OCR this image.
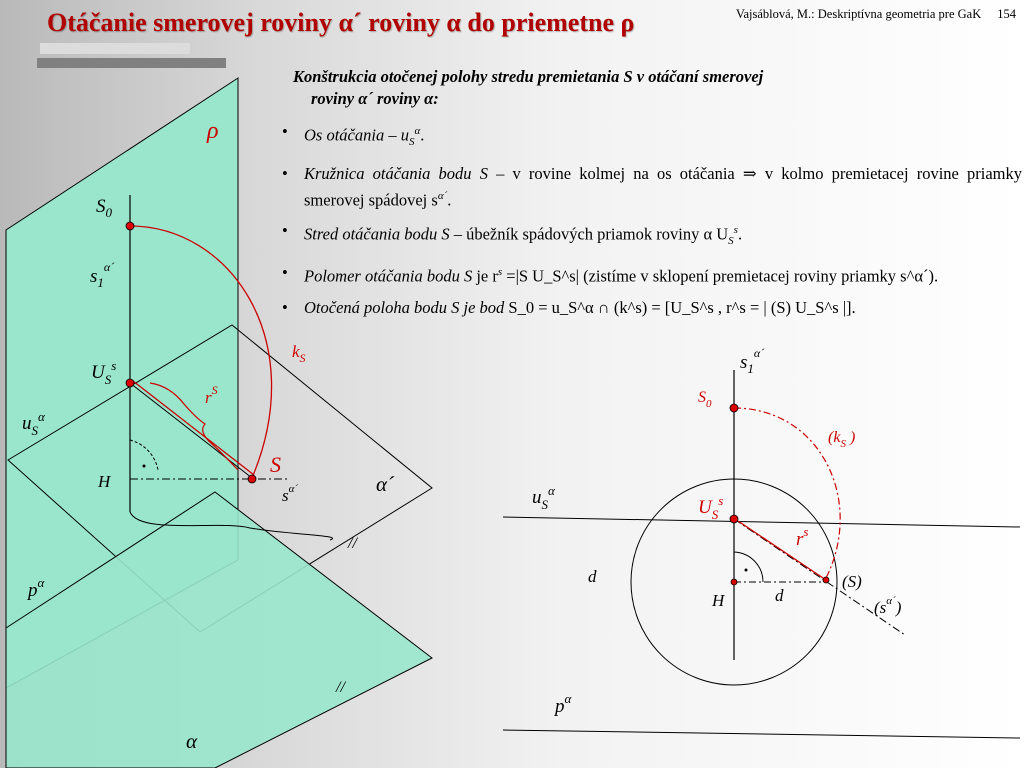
Otáčanie smerovej roviny α´ roviny α do priemetne ρ	Vajsáblová, M.: Deskriptívna geometria pre GaK 154
Konštrukcia otočenej polohy stredu premietania S v otáčaní smerovej
roviny α´ roviny α:
• Os otáčania – $u_S^\alpha$.
• Kružnica otáčania bodu S – v rovine kolmej na os otáčania ⇒ v kolmo premietacej rovine priamky smerovej spádovej $s^{\alpha´}$.
• Stred otáčania bodu S – úbežník spádových priamok roviny α $U_S^s$.
• Polomer otáčania bodu S je $r^s =|S$ U_S^s| (zistíme v sklopení premietacej roviny priamky s^α´).
• Otočená poloha bodu S je bod S_0 = u_S^α ∩ (k^s) = [U_S^s , r^s = | (S) U_S^s |].
//
//
ρ
$S_0$
$s_1^{\alpha´}$
$U_S^s$
$u_S^\alpha$
H
S
$k_S$
$r^S$
$s^{\alpha´}$	α´
$p^\alpha$
α
$s_1^{\alpha´}$
$S_0$
($k_S$ )
$u_S^\alpha$
$U_S^s$
$r^s$
d
d
H
(S)
$(s^{\alpha´})$
$p^\alpha$
